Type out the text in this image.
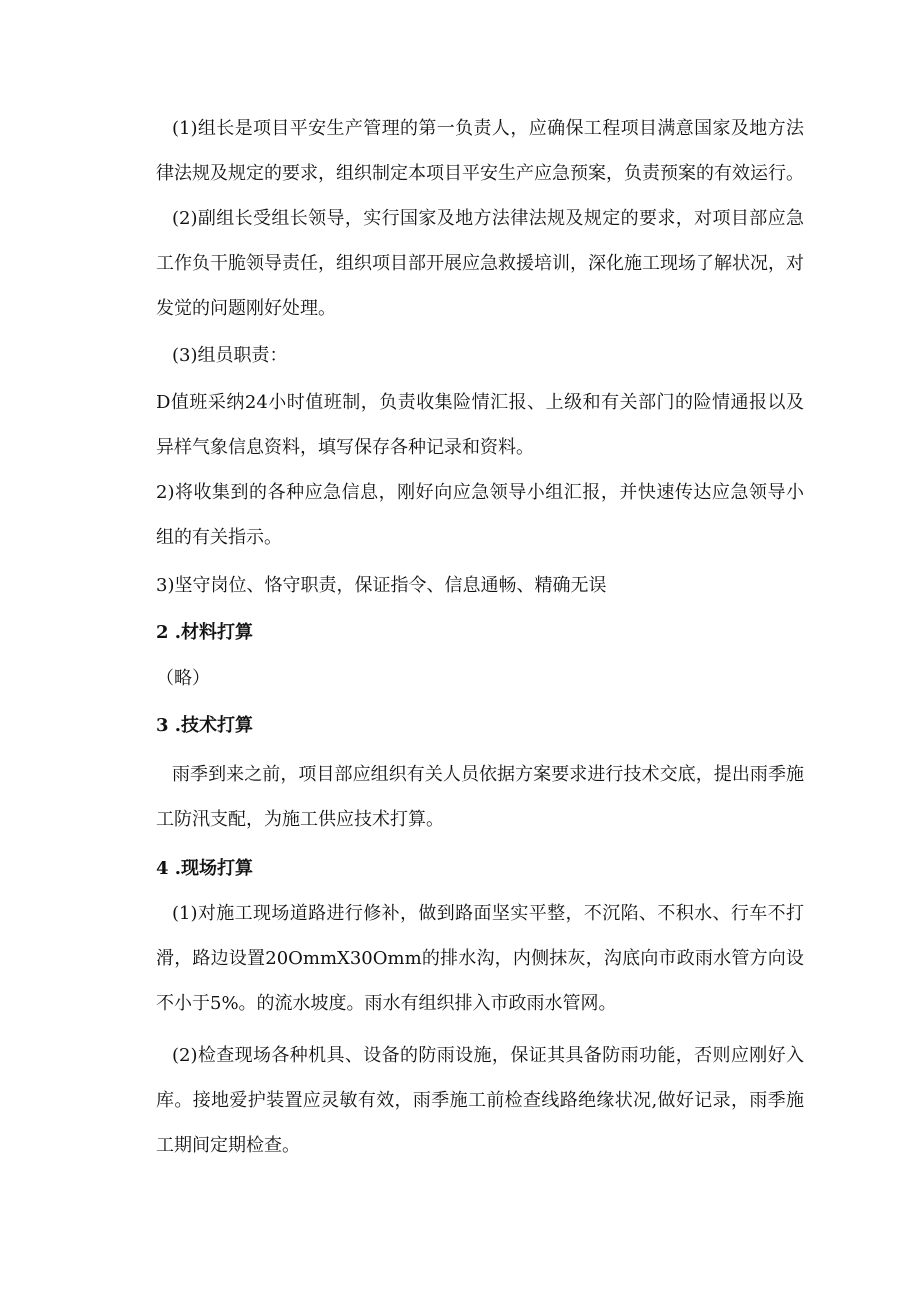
(1)组长是项目平安生产管理的第一负责人，应确保工程项目满意国家及地方法律法规及规定的要求，组织制定本项目平安生产应急预案，负责预案的有效运行。

(2)副组长受组长领导，实行国家及地方法律法规及规定的要求，对项目部应急工作负干脆领导责任，组织项目部开展应急救援培训，深化施工现场了解状况，对发觉的问题刚好处理。

(3)组员职责：

D值班采纳24小时值班制，负责收集险情汇报、上级和有关部门的险情通报以及异样气象信息资料，填写保存各种记录和资料。

2)将收集到的各种应急信息，刚好向应急领导小组汇报，并快速传达应急领导小组的有关指示。

3)坚守岗位、恪守职责，保证指令、信息通畅、精确无误

2 .材料打算

（略）

3 .技术打算

雨季到来之前，项目部应组织有关人员依据方案要求进行技术交底，提出雨季施工防汛支配，为施工供应技术打算。

4 .现场打算

(1)对施工现场道路进行修补，做到路面坚实平整，不沉陷、不积水、行车不打滑，路边设置20OmmX30Omm的排水沟，内侧抹灰，沟底向市政雨水管方向设不小于5%。的流水坡度。雨水有组织排入市政雨水管网。

(2)检查现场各种机具、设备的防雨设施，保证其具备防雨功能，否则应刚好入库。接地爱护装置应灵敏有效，雨季施工前检查线路绝缘状况,做好记录，雨季施工期间定期检查。
